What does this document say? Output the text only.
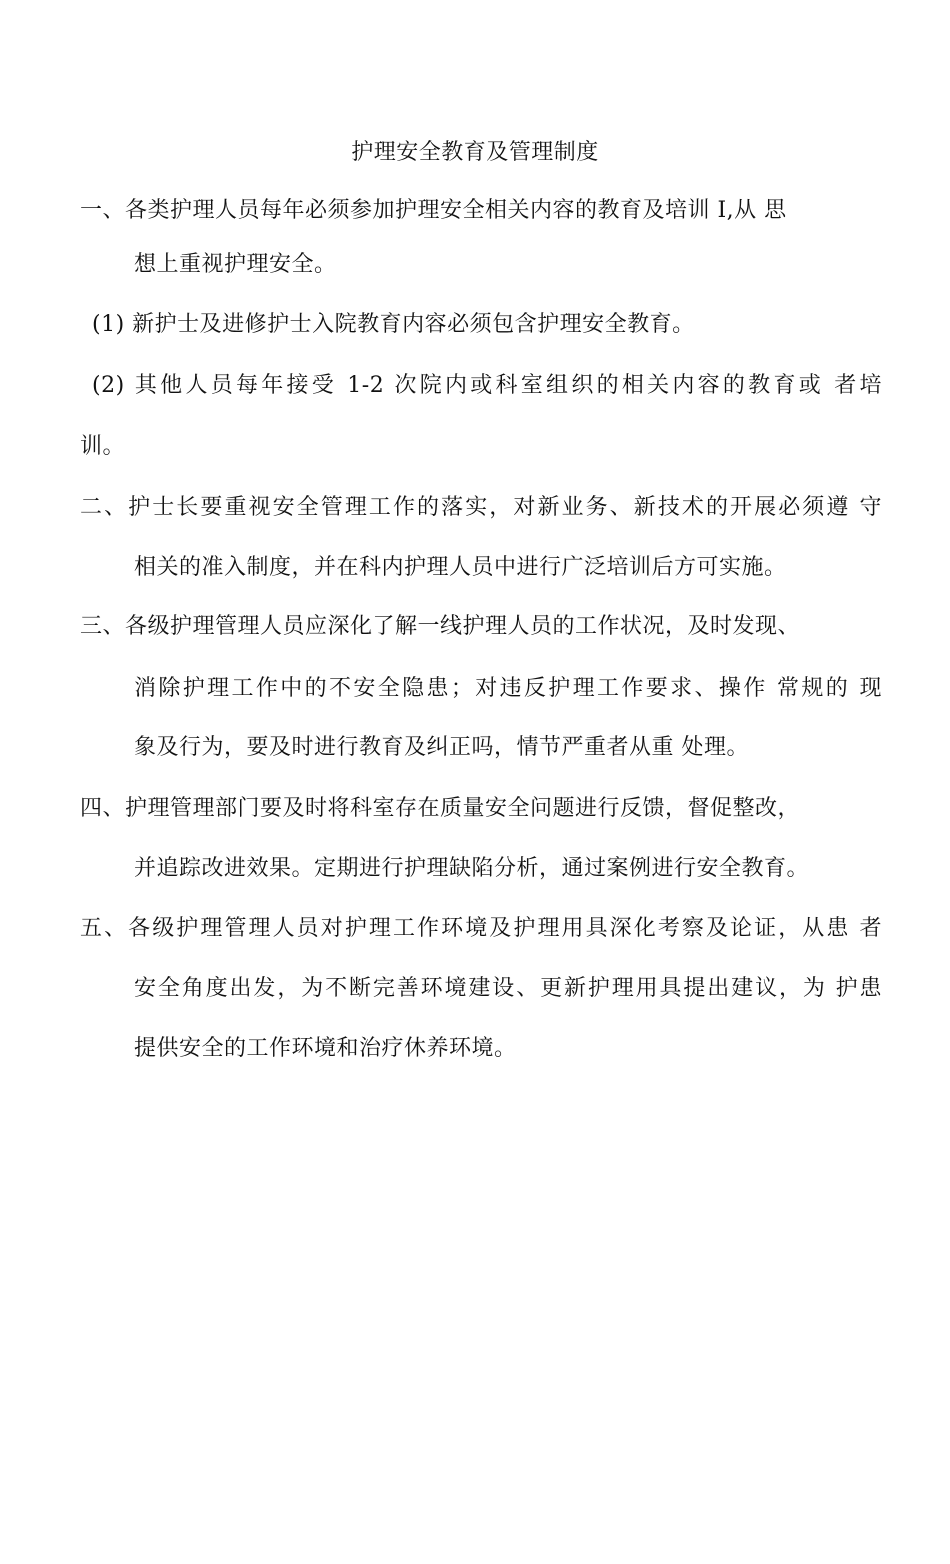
护理安全教育及管理制度
一、各类护理人员每年必须参加护理安全相关内容的教育及培训 I,从 思
想上重视护理安全。
(1) 新护士及进修护士入院教育内容必须包含护理安全教育。
(2) 其他人员每年接受 1-2 次院内或科室组织的相关内容的教育或 者培
训。
二、护士长要重视安全管理工作的落实，对新业务、新技术的开展必须遵 守
相关的准入制度，并在科内护理人员中进行广泛培训后方可实施。
三、各级护理管理人员应深化了解一线护理人员的工作状况，及时发现、
消除护理工作中的不安全隐患；对违反护理工作要求、操作 常规的 现
象及行为，要及时进行教育及纠正吗，情节严重者从重 处理。
四、护理管理部门要及时将科室存在质量安全问题进行反馈，督促整改，
并追踪改进效果。定期进行护理缺陷分析，通过案例进行安全教育。
五、各级护理管理人员对护理工作环境及护理用具深化考察及论证，从患 者
安全角度出发，为不断完善环境建设、更新护理用具提出建议，为 护患
提供安全的工作环境和治疗休养环境。
